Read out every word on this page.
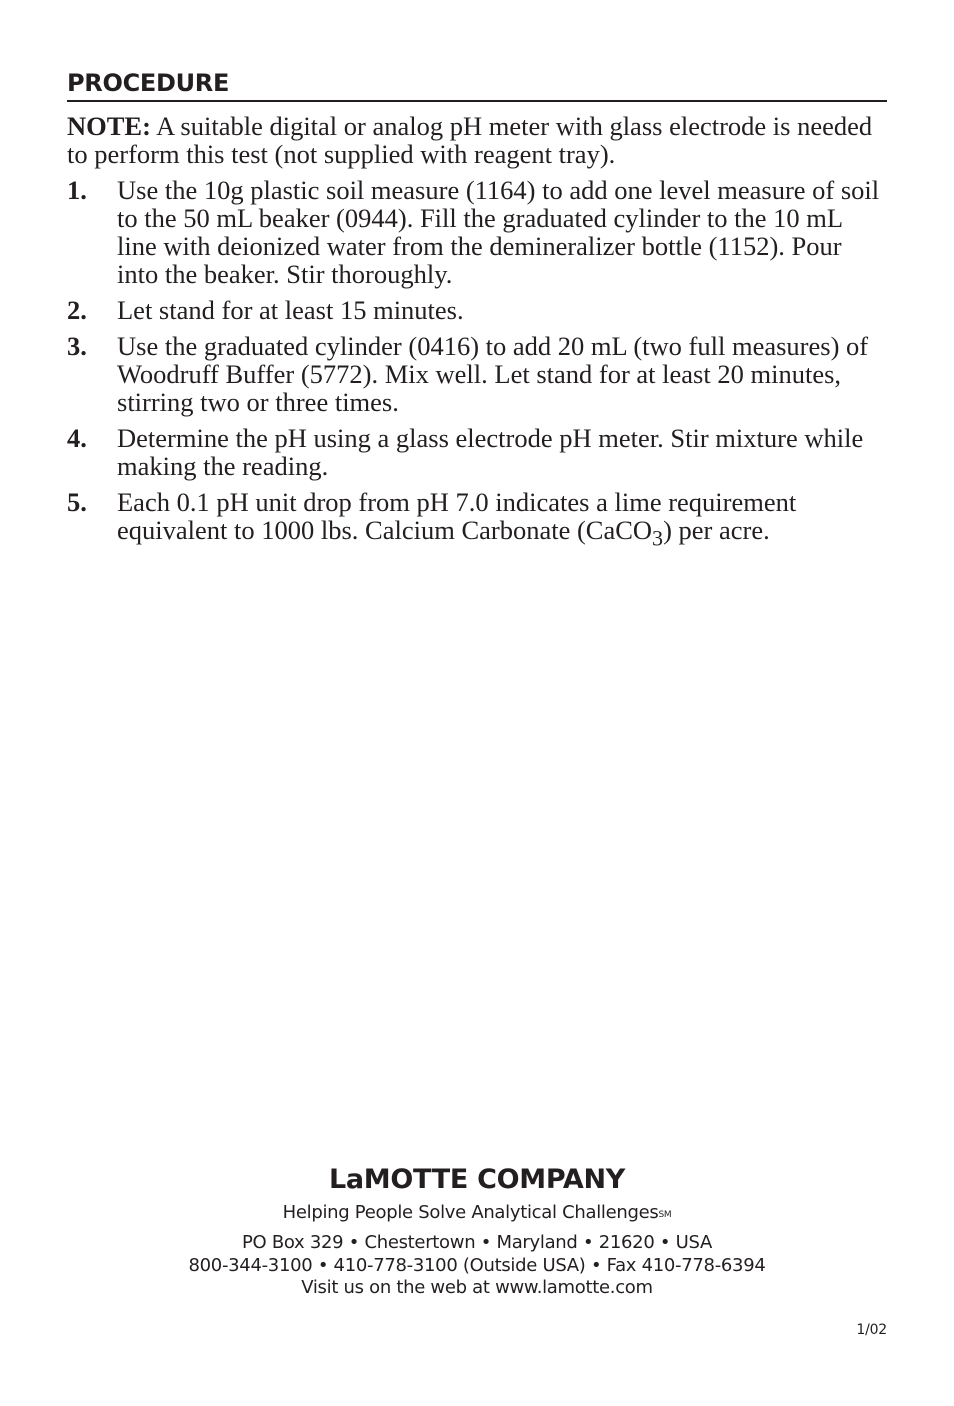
PROCEDURE

NOTE: A suitable digital or analog pH meter with glass electrode is needed to perform this test (not supplied with reagent tray).

1.	Use the 10g plastic soil measure (1164) to add one level measure of soil to the 50 mL beaker (0944). Fill the graduated cylinder to the 10 mL line with deionized water from the demineralizer bottle (1152). Pour into the beaker. Stir thoroughly.
2.	Let stand for at least 15 minutes.
3.	Use the graduated cylinder (0416) to add 20 mL (two full measures) of Woodruff Buffer (5772). Mix well. Let stand for at least 20 minutes, stirring two or three times.
4.	Determine the pH using a glass electrode pH meter. Stir mixture while making the reading.
5.	Each 0.1 pH unit drop from pH 7.0 indicates a lime requirement equivalent to 1000 lbs. Calcium Carbonate (CaCO$_3$) per acre.
LaMOTTE COMPANY
Helping People Solve Analytical Challenges℠
PO Box 329 • Chestertown • Maryland • 21620 • USA
800-344-3100 • 410-778-3100 (Outside USA) • Fax 410-778-6394
Visit us on the web at www.lamotte.com
1/02
